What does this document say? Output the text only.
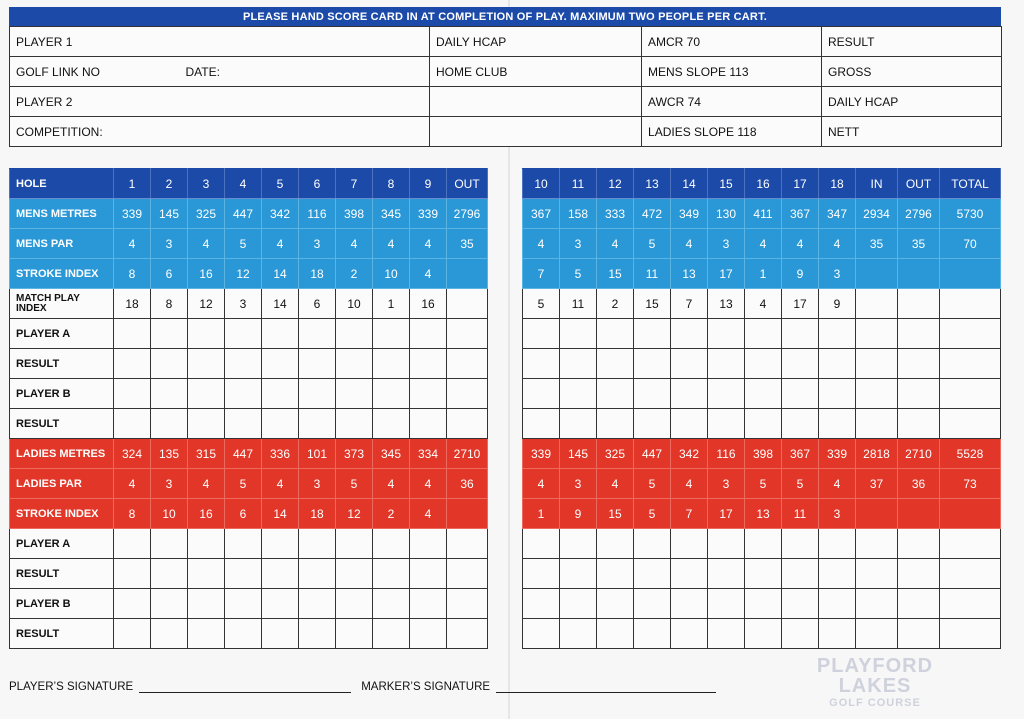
PLEASE HAND SCORE CARD IN AT COMPLETION OF PLAY. MAXIMUM TWO PEOPLE PER CART.
PLAYER 1		DAILY HCAP	AMCR 70	RESULT
GOLF LINK NO	DATE:	HOME CLUB	MENS SLOPE 113	GROSS
PLAYER 2			AWCR 74	DAILY HCAP
COMPETITION:			LADIES SLOPE 118	NETT
HOLE	1	2	3	4	5	6	7	8	9	OUT
MENS METRES	339	145	325	447	342	116	398	345	339	2796
MENS PAR	4	3	4	5	4	3	4	4	4	35
STROKE INDEX	8	6	16	12	14	18	2	10	4	
MATCH PLAY INDEX	18	8	12	3	14	6	10	1	16	
PLAYER A										
RESULT										
PLAYER B										
RESULT										
LADIES METRES	324	135	315	447	336	101	373	345	334	2710
LADIES PAR	4	3	4	5	4	3	5	4	4	36
STROKE INDEX	8	10	16	6	14	18	12	2	4	
PLAYER A										
RESULT										
PLAYER B										
RESULT										
10	11	12	13	14	15	16	17	18	IN	OUT	TOTAL
367	158	333	472	349	130	411	367	347	2934	2796	5730
4	3	4	5	4	3	4	4	4	35	35	70
7	5	15	11	13	17	1	9	3			
5	11	2	15	7	13	4	17	9			

339	145	325	447	342	116	398	367	339	2818	2710	5528
4	3	4	5	4	3	5	5	4	37	36	73
1	9	15	5	7	17	13	11	3			

PLAYER’S SIGNATURE	MARKER’S SIGNATURE
PLAYFORD
LAKES
GOLF COURSE
